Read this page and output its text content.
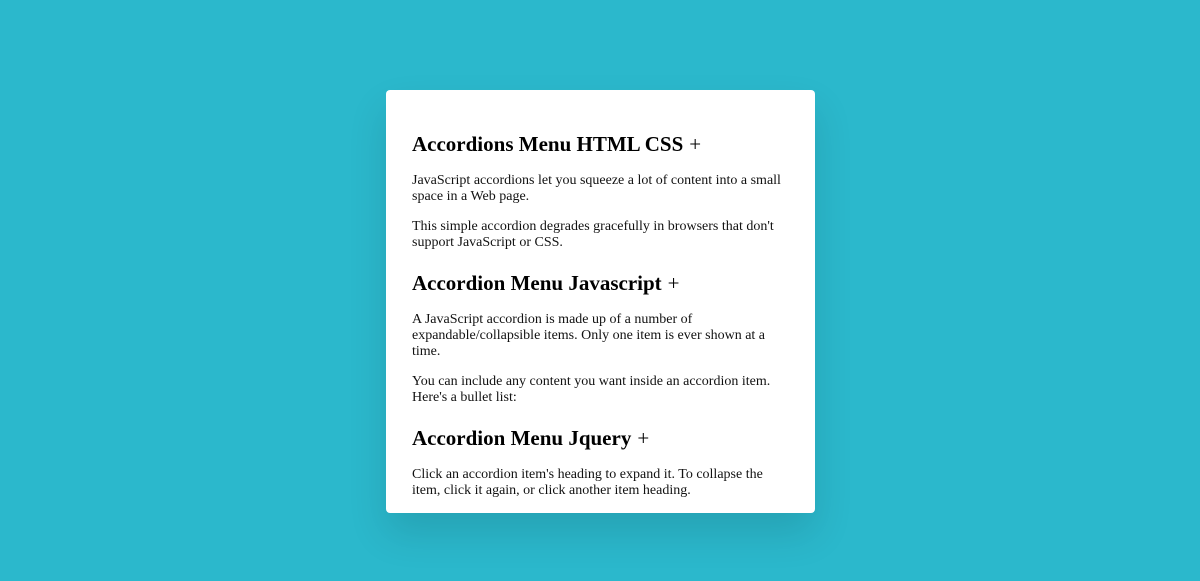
Accordions Menu HTML CSS +

JavaScript accordions let you squeeze a lot of content into a small space in a Web page.

This simple accordion degrades gracefully in browsers that don't support JavaScript or CSS.

Accordion Menu Javascript +

A JavaScript accordion is made up of a number of expandable/collapsible items. Only one item is ever shown at a time.

You can include any content you want inside an accordion item. Here's a bullet list:

Accordion Menu Jquery +

Click an accordion item's heading to expand it. To collapse the item, click it again, or click another item heading.
